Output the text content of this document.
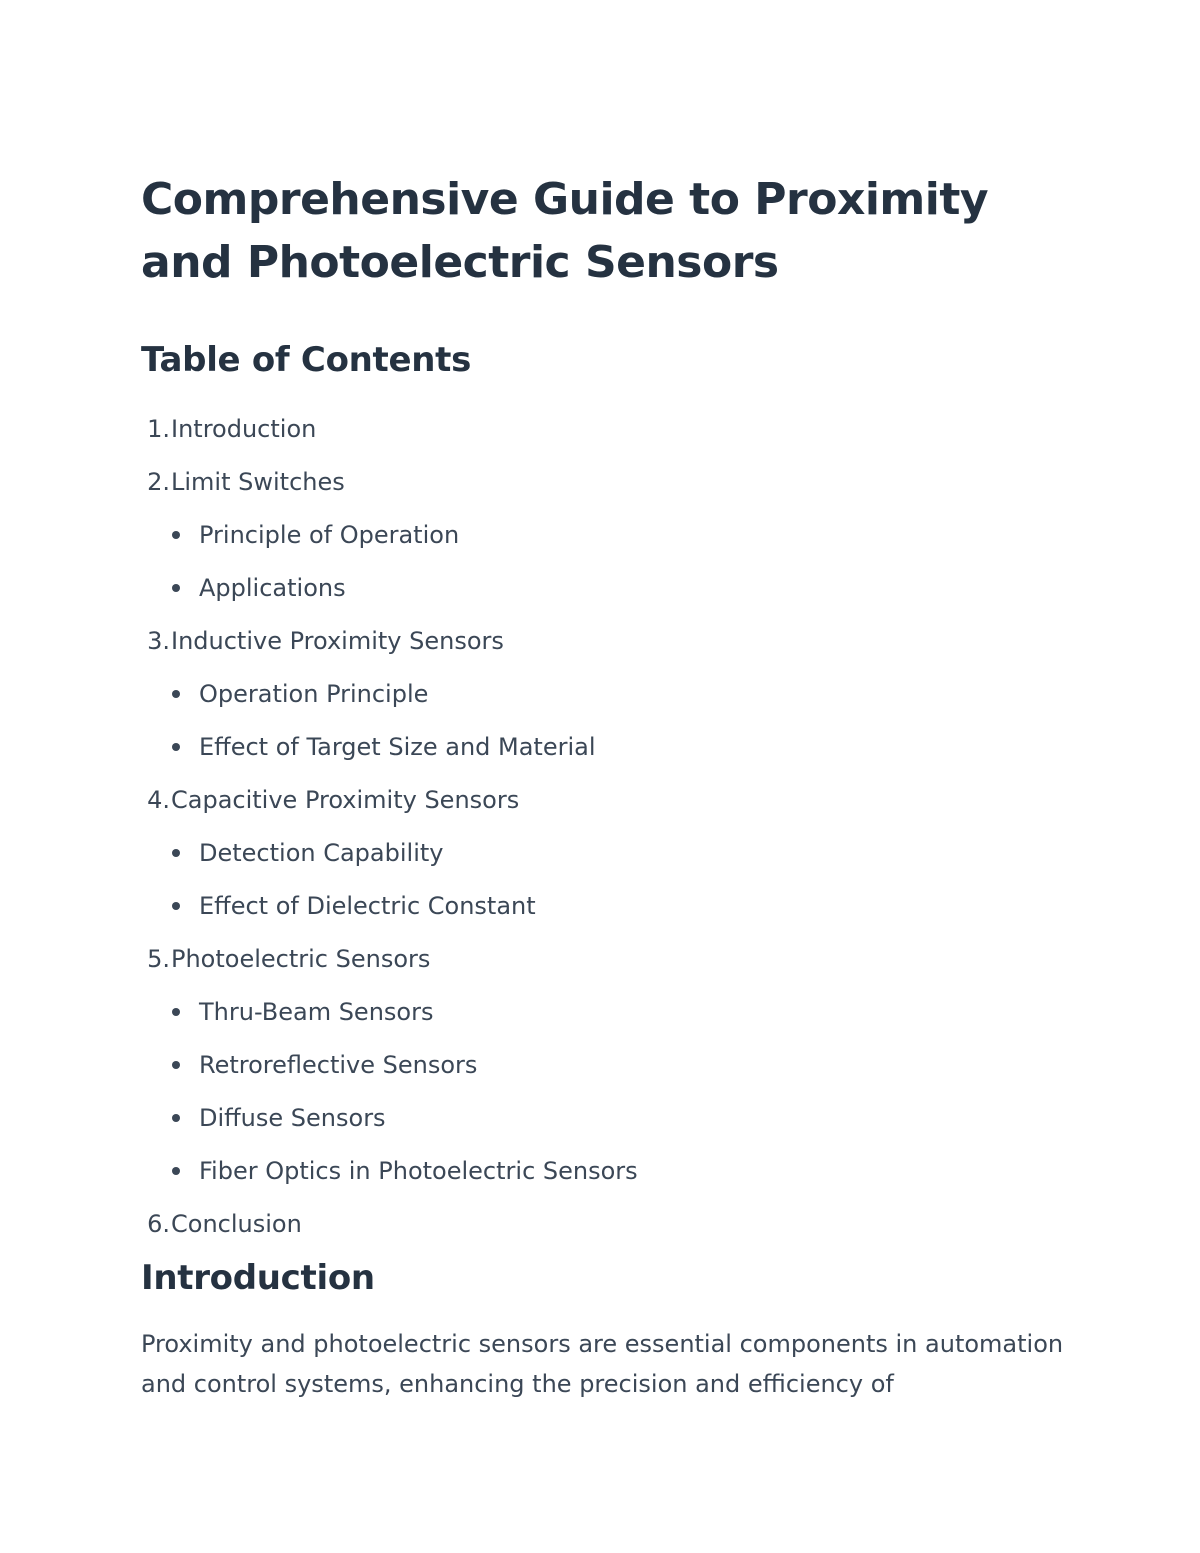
Comprehensive Guide to Proximity and Photoelectric Sensors
Table of Contents
1.Introduction
2.Limit Switches
Principle of Operation
Applications
3.Inductive Proximity Sensors
Operation Principle
Effect of Target Size and Material
4.Capacitive Proximity Sensors
Detection Capability
Effect of Dielectric Constant
5.Photoelectric Sensors
Thru-Beam Sensors
Retroreflective Sensors
Diffuse Sensors
Fiber Optics in Photoelectric Sensors
6.Conclusion
Introduction

Proximity and photoelectric sensors are essential components in automation and control systems, enhancing the precision and efficiency of
